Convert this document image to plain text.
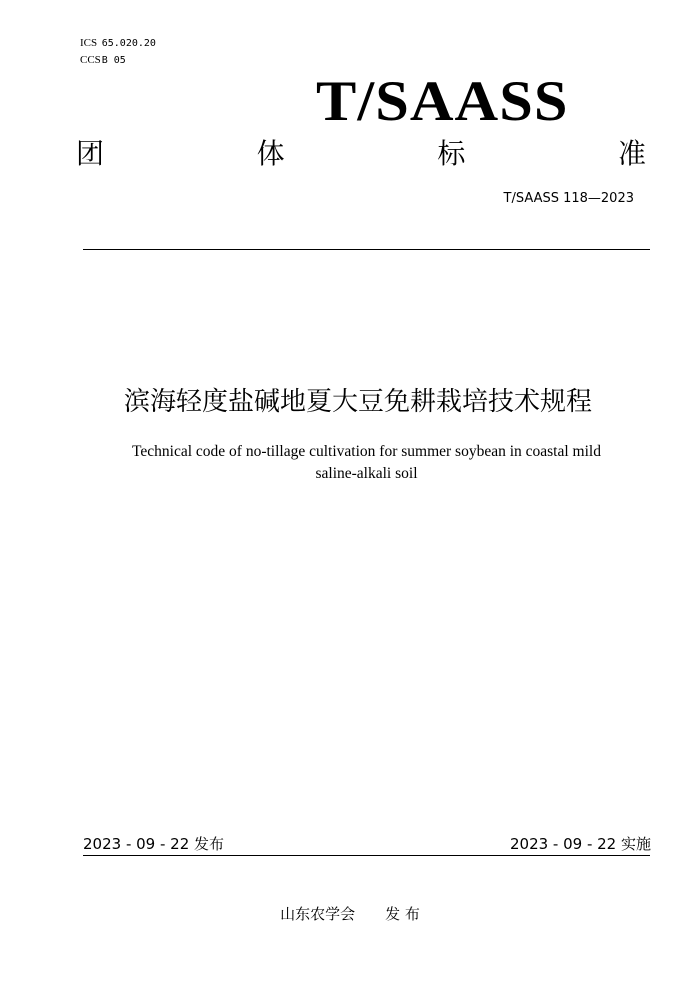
ICS 65.020.20
CCS B 05
T/SAASS
团	体	标	准
T/SAASS 118—2023
滨海轻度盐碱地夏大豆免耕栽培技术规程
Technical code of no-tillage cultivation for summer soybean in coastal mild
saline-alkali soil
2023 - 09 - 22 发布	2023 - 09 - 22 实施
山东农学会 发 布
